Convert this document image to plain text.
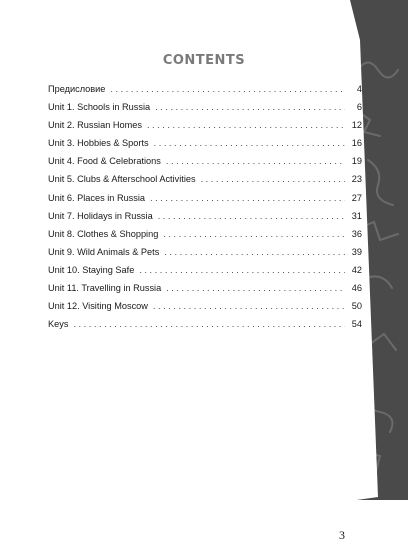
CONTENTS
Предисловие . . .	4
Unit 1. Schools in Russia . . .	6
Unit 2. Russian Homes . . .	12
Unit 3. Hobbies & Sports . . .	16
Unit 4. Food & Celebrations . . .	19
Unit 5. Clubs & Afterschool Activities . . .	23
Unit 6. Places in Russia . . .	27
Unit 7. Holidays in Russia . . .	31
Unit 8. Clothes & Shopping . . .	36
Unit 9. Wild Animals & Pets . . .	39
Unit 10. Staying Safe . . .	42
Unit 11. Travelling in Russia . . .	46
Unit 12. Visiting Moscow . . .	50
Keys . . .	54
3
